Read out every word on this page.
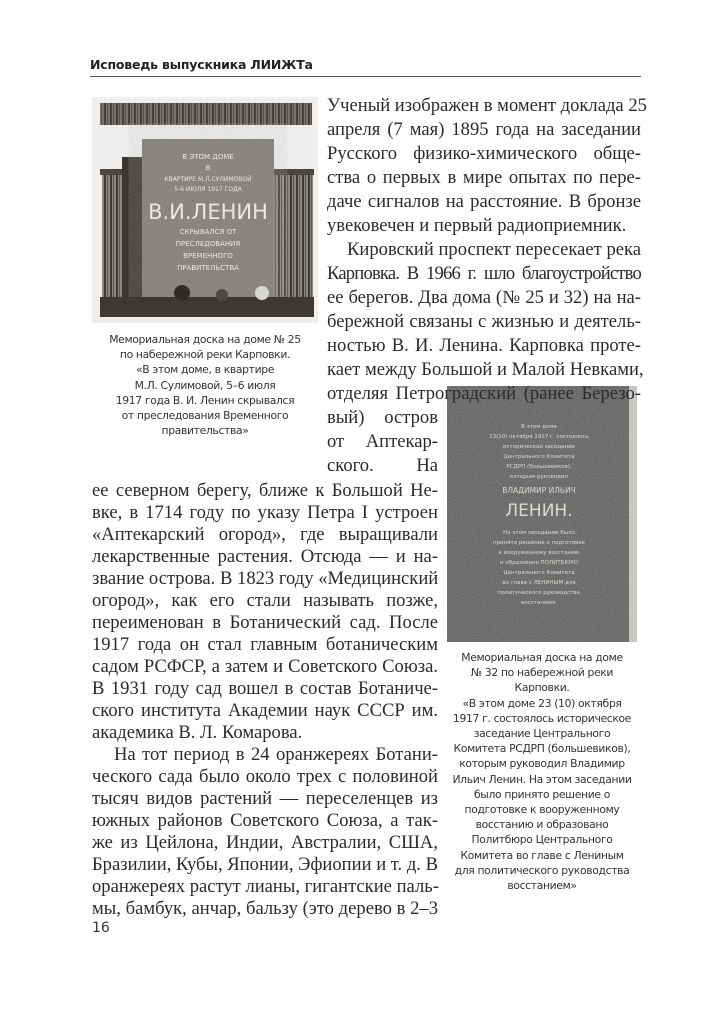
Исповедь выпускника ЛИИЖТа
В ЭТОМ ДОМЕ
В
КВАРТИРЕ М.Л.СУЛИМОВОЙ
5-6 ИЮЛЯ 1917 ГОДА
В.И.ЛЕНИН
СКРЫВАЛСЯ ОТ
ПРЕСЛЕДОВАНИЯ
ВРЕМЕННОГО
ПРАВИТЕЛЬСТВА
Мемориальная доска на доме № 25
по набережной реки Карповки.
«В этом доме, в квартире
М.Л. Сулимовой, 5–6 июля
1917 года В. И. Ленин скрывался
от преследования Временного
правительства»	В этом доме
23(10) октября 1917 г. состоялось
историческое заседание
Центрального Комитета
РСДРП (большевиков),
которым руководил
ВЛАДИМИР ИЛЬИЧ
ЛЕНИН.
На этом заседании было
принято решение о подготовке
к вооруженному восстанию
и образовано ПОЛИТБЮРО
Центрального Комитета
во главе с ЛЕНИНЫМ для
политического руководства
восстанием.
Мемориальная доска на доме
№ 32 по набережной реки
Карповки.
«В этом доме 23 (10) октября
1917 г. состоялось историческое
заседание Центрального
Комитета РСДРП (большевиков),
которым руководил Владимир
Ильич Ленин. На этом заседании
было принято решение о
подготовке к вооруженному
восстанию и образовано
Политбюро Центрального
Комитета во главе с Лениным
для политического руководства
восстанием»
Ученый изображен в момент доклада 25
апреля (7 мая) 1895 года на заседании
Русского физико-химического обще-
ства о первых в мире опытах по пере-
даче сигналов на расстояние. В бронзе
увековечен и первый радиоприемник.
Кировский проспект пересекает река
Карповка. В 1966 г. шло благоустройство
ее берегов. Два дома (№ 25 и 32) на на-
бережной связаны с жизнью и деятель-
ностью В. И. Ленина. Карповка проте-
кает между Большой и Малой Невками,
отделяя Петроградский (ранее Березо-
вый) остров
от Аптекар-
ского. На
ее северном берегу, ближе к Большой Не-
вке, в 1714 году по указу Петра I устроен
«Аптекарский огород», где выращивали
лекарственные растения. Отсюда — и на-
звание острова. В 1823 году «Медицинский
огород», как его стали называть позже,
переименован в Ботанический сад. После
1917 года он стал главным ботаническим
садом РСФСР, а затем и Советского Союза.
В 1931 году сад вошел в состав Ботаниче-
ского института Академии наук СССР им.
академика В. Л. Комарова.
На тот период в 24 оранжереях Ботани-
ческого сада было около трех с половиной
тысяч видов растений — переселенцев из
южных районов Советского Союза, а так-
же из Цейлона, Индии, Австралии, США,
Бразилии, Кубы, Японии, Эфиопии и т. д. В
оранжереях растут лианы, гигантские паль-
мы, бамбук, анчар, бальзу (это дерево в 2–3
16
